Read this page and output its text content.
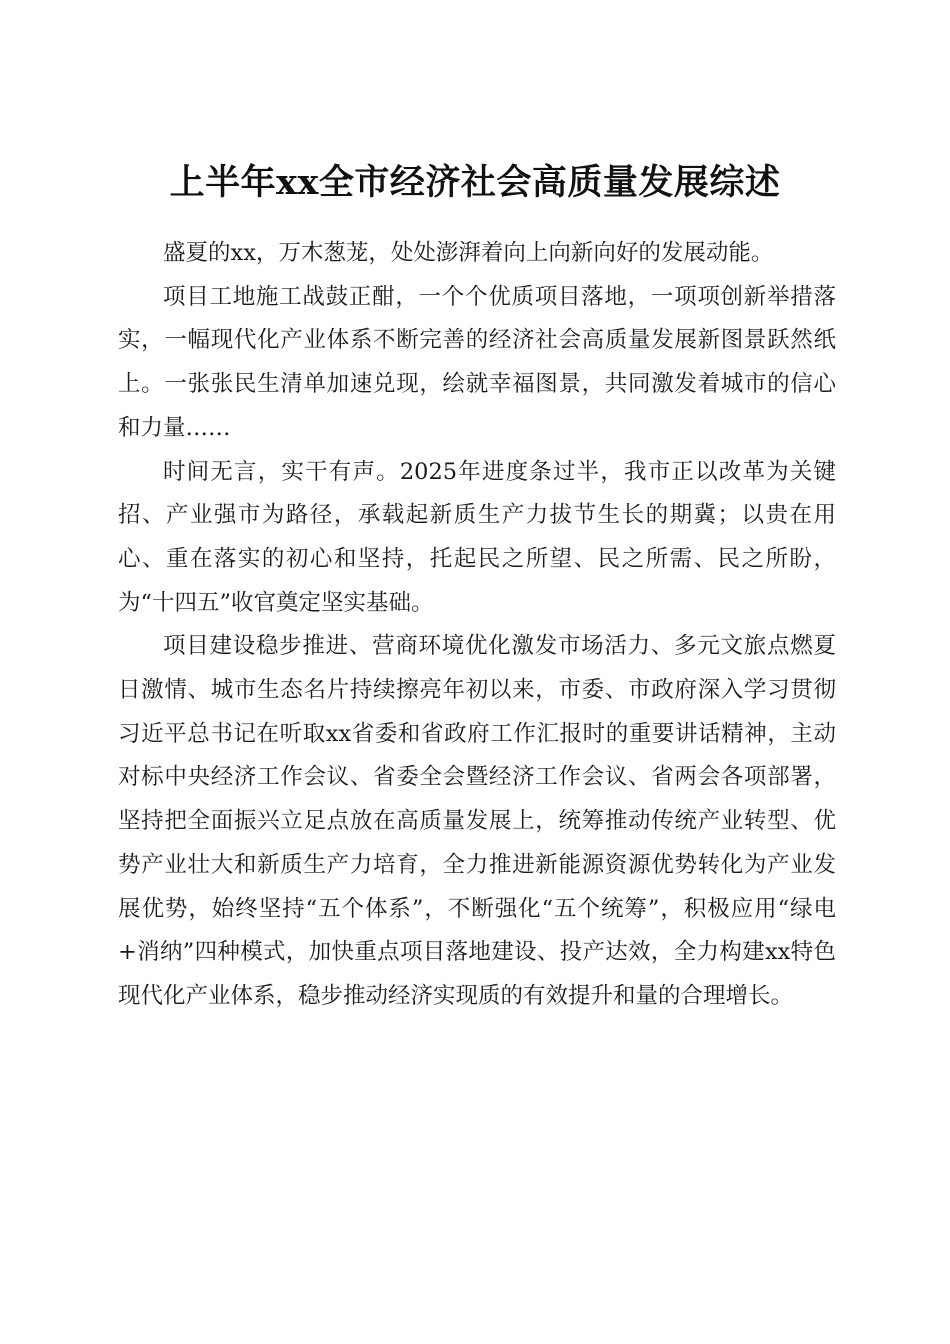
上半年xx全市经济社会高质量发展综述

盛夏的xx，万木葱茏，处处澎湃着向上向新向好的发展动能。

项目工地施工战鼓正酣，一个个优质项目落地，一项项创新举措落实，一幅现代化产业体系不断完善的经济社会高质量发展新图景跃然纸上。一张张民生清单加速兑现，绘就幸福图景，共同激发着城市的信心和力量……

时间无言，实干有声。2025年进度条过半，我市正以改革为关键招、产业强市为路径，承载起新质生产力拔节生长的期冀；以贵在用心、重在落实的初心和坚持，托起民之所望、民之所需、民之所盼，为“十四五”收官奠定坚实基础。

项目建设稳步推进、营商环境优化激发市场活力、多元文旅点燃夏日激情、城市生态名片持续擦亮年初以来，市委、市政府深入学习贯彻习近平总书记在听取xx省委和省政府工作汇报时的重要讲话精神，主动对标中央经济工作会议、省委全会暨经济工作会议、省两会各项部署，坚持把全面振兴立足点放在高质量发展上，统筹推动传统产业转型、优势产业壮大和新质生产力培育，全力推进新能源资源优势转化为产业发展优势，始终坚持“五个体系”，不断强化“五个统筹”，积极应用“绿电+消纳”四种模式，加快重点项目落地建设、投产达效，全力构建xx特色现代化产业体系，稳步推动经济实现质的有效提升和量的合理增长。
